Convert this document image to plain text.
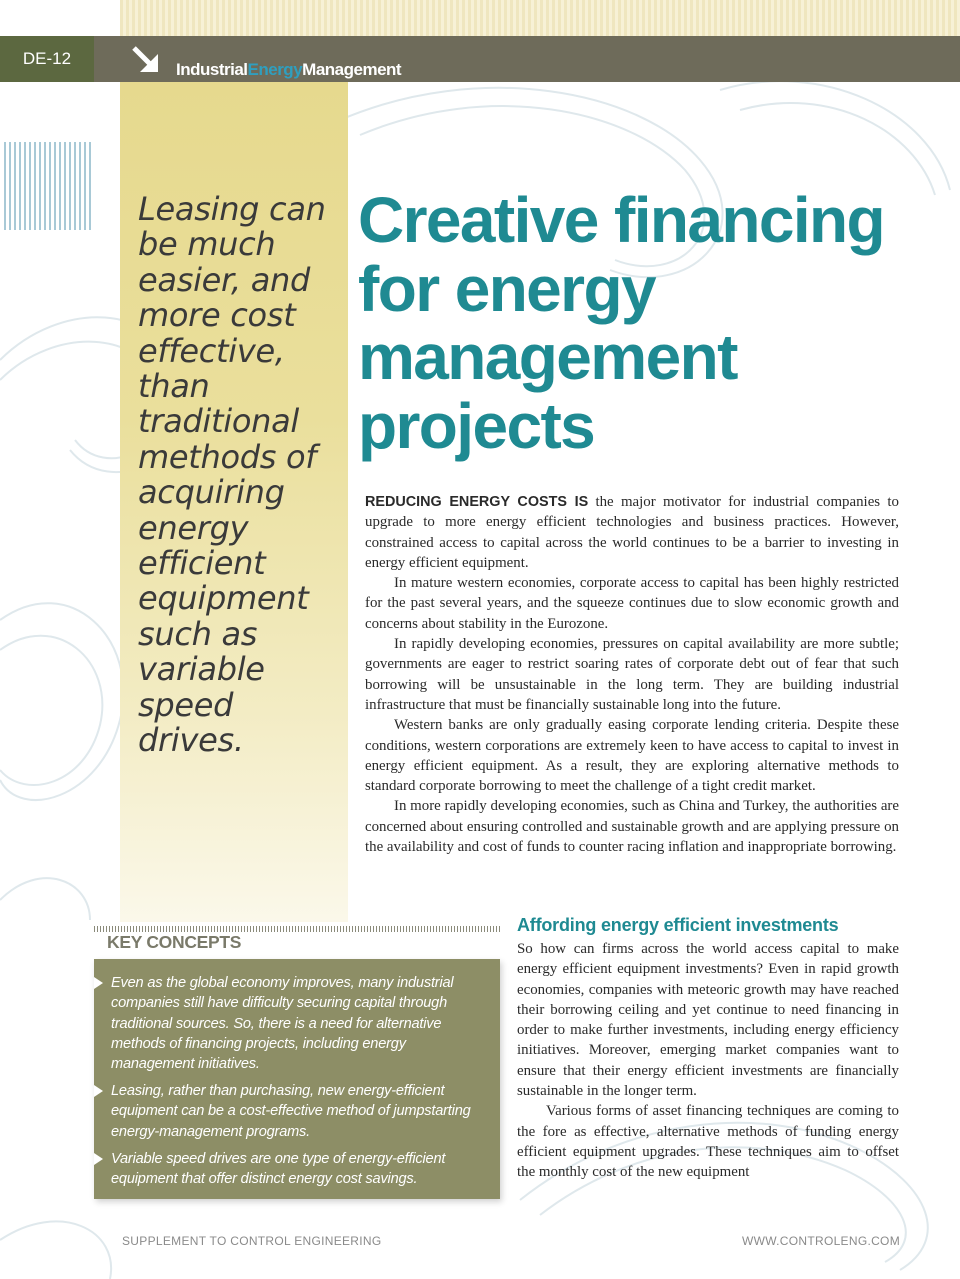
DE-12
IndustrialEnergyManagement

Leasing can be much easier, and more cost effective, than traditional methods of acquiring energy efficient equipment such as variable speed drives.

Creative financing for energy management projects

REDUCING ENERGY COSTS IS the major motivator for industrial companies to upgrade to more energy efficient technologies and business practices. However, constrained access to capital across the world continues to be a barrier to investing in energy efficient equipment.

In mature western economies, corporate access to capital has been highly restricted for the past several years, and the squeeze continues due to slow economic growth and concerns about stability in the Eurozone.

In rapidly developing economies, pressures on capital availability are more subtle; governments are eager to restrict soaring rates of corporate debt out of fear that such borrowing will be unsustainable in the long term. They are building industrial infrastructure that must be financially sustainable long into the future.

Western banks are only gradually easing corporate lending criteria. Despite these conditions, western corporations are extremely keen to have access to capital to invest in energy efficient equipment. As a result, they are exploring alternative methods to standard corporate borrowing to meet the challenge of a tight credit market.

In more rapidly developing economies, such as China and Turkey, the authorities are concerned about ensuring controlled and sustainable growth and are applying pressure on the availability and cost of funds to counter racing inflation and inappropriate borrowing.

Affording energy efficient investments

So how can firms across the world access capital to make energy efficient equipment investments? Even in rapid growth economies, companies with meteoric growth may have reached their borrowing ceiling and yet continue to need financing in order to make further investments, including energy efficiency initiatives. Moreover, emerging market companies want to ensure that their energy efficient investments are financially sustainable in the longer term.

Various forms of asset financing techniques are coming to the fore as effective, alternative methods of funding energy efficient equipment upgrades. These techniques aim to offset the monthly cost of the new equipment

KEY CONCEPTS

Even as the global economy improves, many industrial companies still have difficulty securing capital through traditional sources. So, there is a need for alternative methods of financing projects, including energy management initiatives.

Leasing, rather than purchasing, new energy-efficient equipment can be a cost-effective method of jumpstarting energy-management programs.

Variable speed drives are one type of energy-efficient equipment that offer distinct energy cost savings.

SUPPLEMENT TO CONTROL ENGINEERING	WWW.CONTROLENG.COM
